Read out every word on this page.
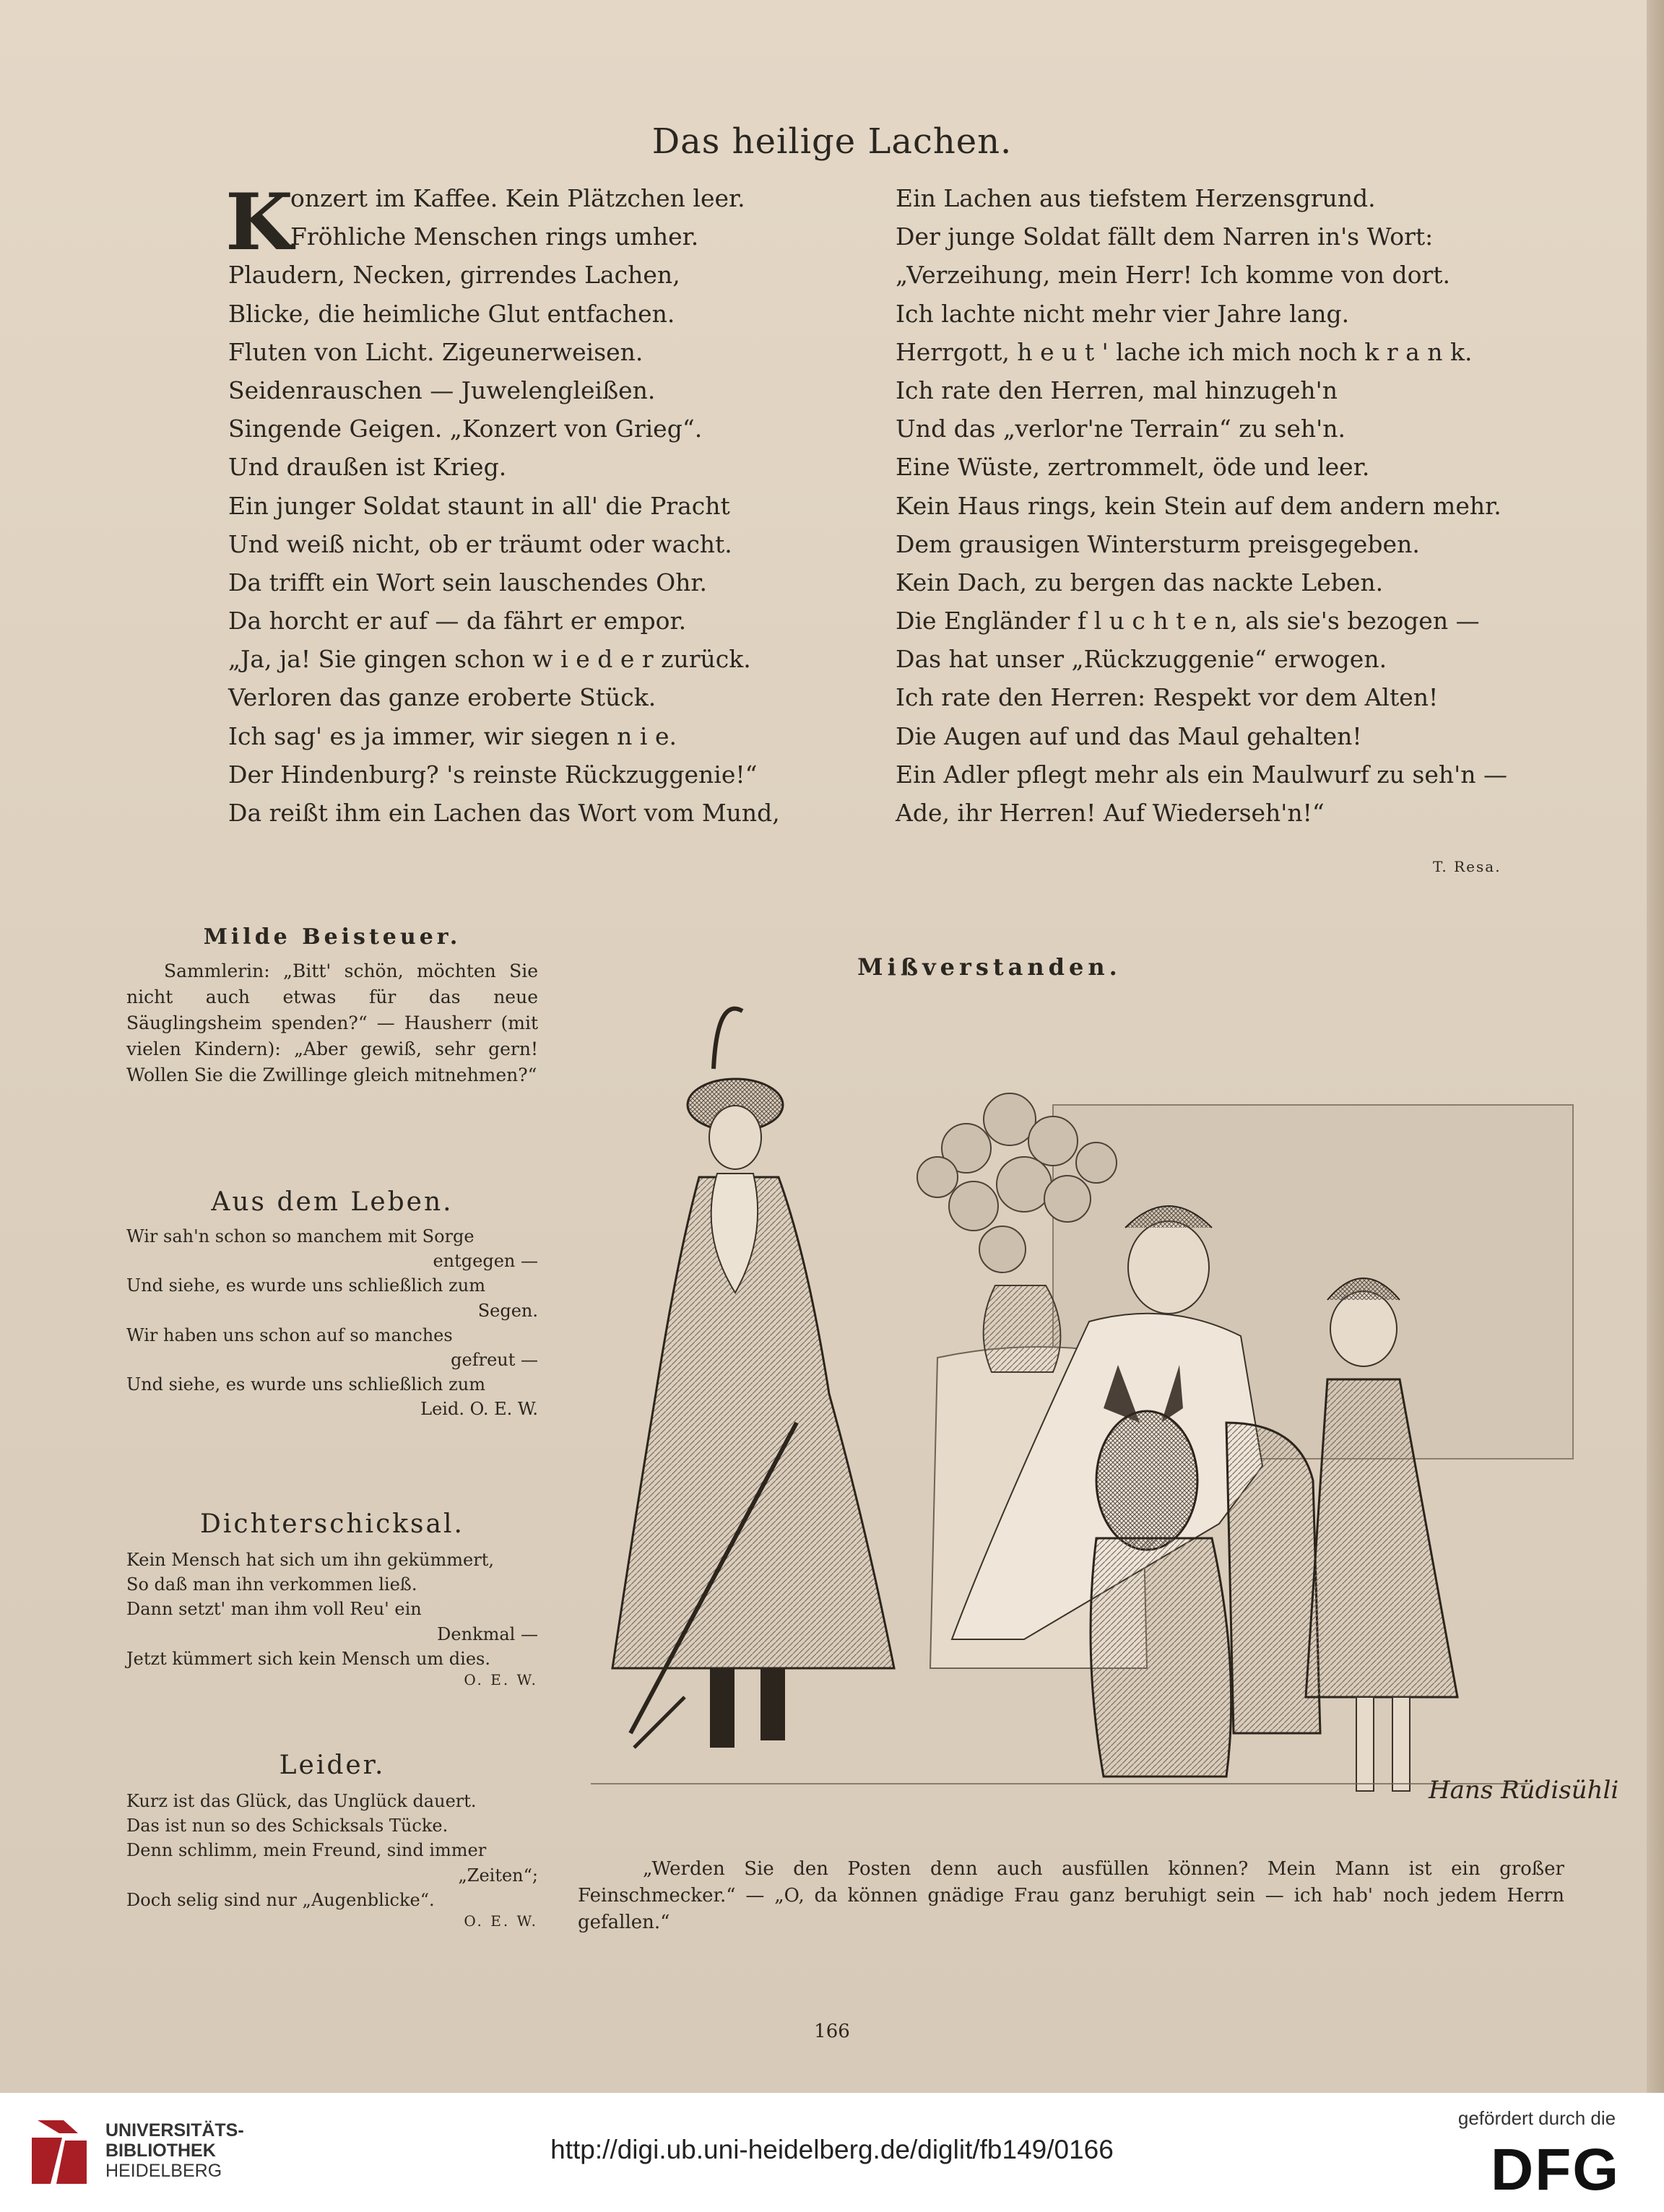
Das heilige Lachen.
K
onzert im Kaffee. Kein Plätzchen leer.
Fröhliche Menschen rings umher.
Plaudern, Necken, girrendes Lachen,
Blicke, die heimliche Glut entfachen.
Fluten von Licht. Zigeunerweisen.
Seidenrauschen — Juwelengleißen.
Singende Geigen. „Konzert von Grieg“.
Und draußen ist Krieg.
Ein junger Soldat staunt in all' die Pracht
Und weiß nicht, ob er träumt oder wacht.
Da trifft ein Wort sein lauschendes Ohr.
Da horcht er auf — da fährt er empor.
„Ja, ja! Sie gingen schon w i e d e r zurück.
Verloren das ganze eroberte Stück.
Ich sag' es ja immer, wir siegen n i e.
Der Hindenburg? 's reinste Rückzuggenie!“
Da reißt ihm ein Lachen das Wort vom Mund,
Ein Lachen aus tiefstem Herzensgrund.
Der junge Soldat fällt dem Narren in's Wort:
„Verzeihung, mein Herr! Ich komme von dort.
Ich lachte nicht mehr vier Jahre lang.
Herrgott, h e u t ' lache ich mich noch k r a n k.
Ich rate den Herren, mal hinzugeh'n
Und das „verlor'ne Terrain“ zu seh'n.
Eine Wüste, zertrommelt, öde und leer.
Kein Haus rings, kein Stein auf dem andern mehr.
Dem grausigen Wintersturm preisgegeben.
Kein Dach, zu bergen das nackte Leben.
Die Engländer f l u c h t e n, als sie's bezogen —
Das hat unser „Rückzuggenie“ erwogen.
Ich rate den Herren: Respekt vor dem Alten!
Die Augen auf und das Maul gehalten!
Ein Adler pflegt mehr als ein Maulwurf zu seh'n —
Ade, ihr Herren! Auf Wiederseh'n!“
T. Resa.
Milde Beisteuer.
Sammlerin: „Bitt' schön, möchten Sie nicht auch etwas für das neue Säuglingsheim spenden?“ — Hausherr (mit vielen Kindern): „Aber gewiß, sehr gern! Wollen Sie die Zwillinge gleich mitnehmen?“
Aus dem Leben.
Wir sah'n schon so manchem mit Sorge
entgegen —
Und siehe, es wurde uns schließlich zum
Segen.
Wir haben uns schon auf so manches
gefreut —
Und siehe, es wurde uns schließlich zum
Leid. O. E. W.
Dichterschicksal.
Kein Mensch hat sich um ihn gekümmert,
So daß man ihn verkommen ließ.
Dann setzt' man ihm voll Reu' ein
Denkmal —
Jetzt kümmert sich kein Mensch um dies.
O. E. W.
Leider.
Kurz ist das Glück, das Unglück dauert.
Das ist nun so des Schicksals Tücke.
Denn schlimm, mein Freund, sind immer
„Zeiten“;
Doch selig sind nur „Augenblicke“.
O. E. W.
Mißverstanden.
Hans Rüdisühli
„Werden Sie den Posten denn auch ausfüllen können? Mein Mann ist ein großer Feinschmecker.“ — „O, da können gnädige Frau ganz beruhigt sein — ich hab' noch jedem Herrn gefallen.“
166
UNIVERSITÄTS-
BIBLIOTHEK
HEIDELBERG
http://digi.ub.uni-heidelberg.de/diglit/fb149/0166
gefördert durch die
DFG
